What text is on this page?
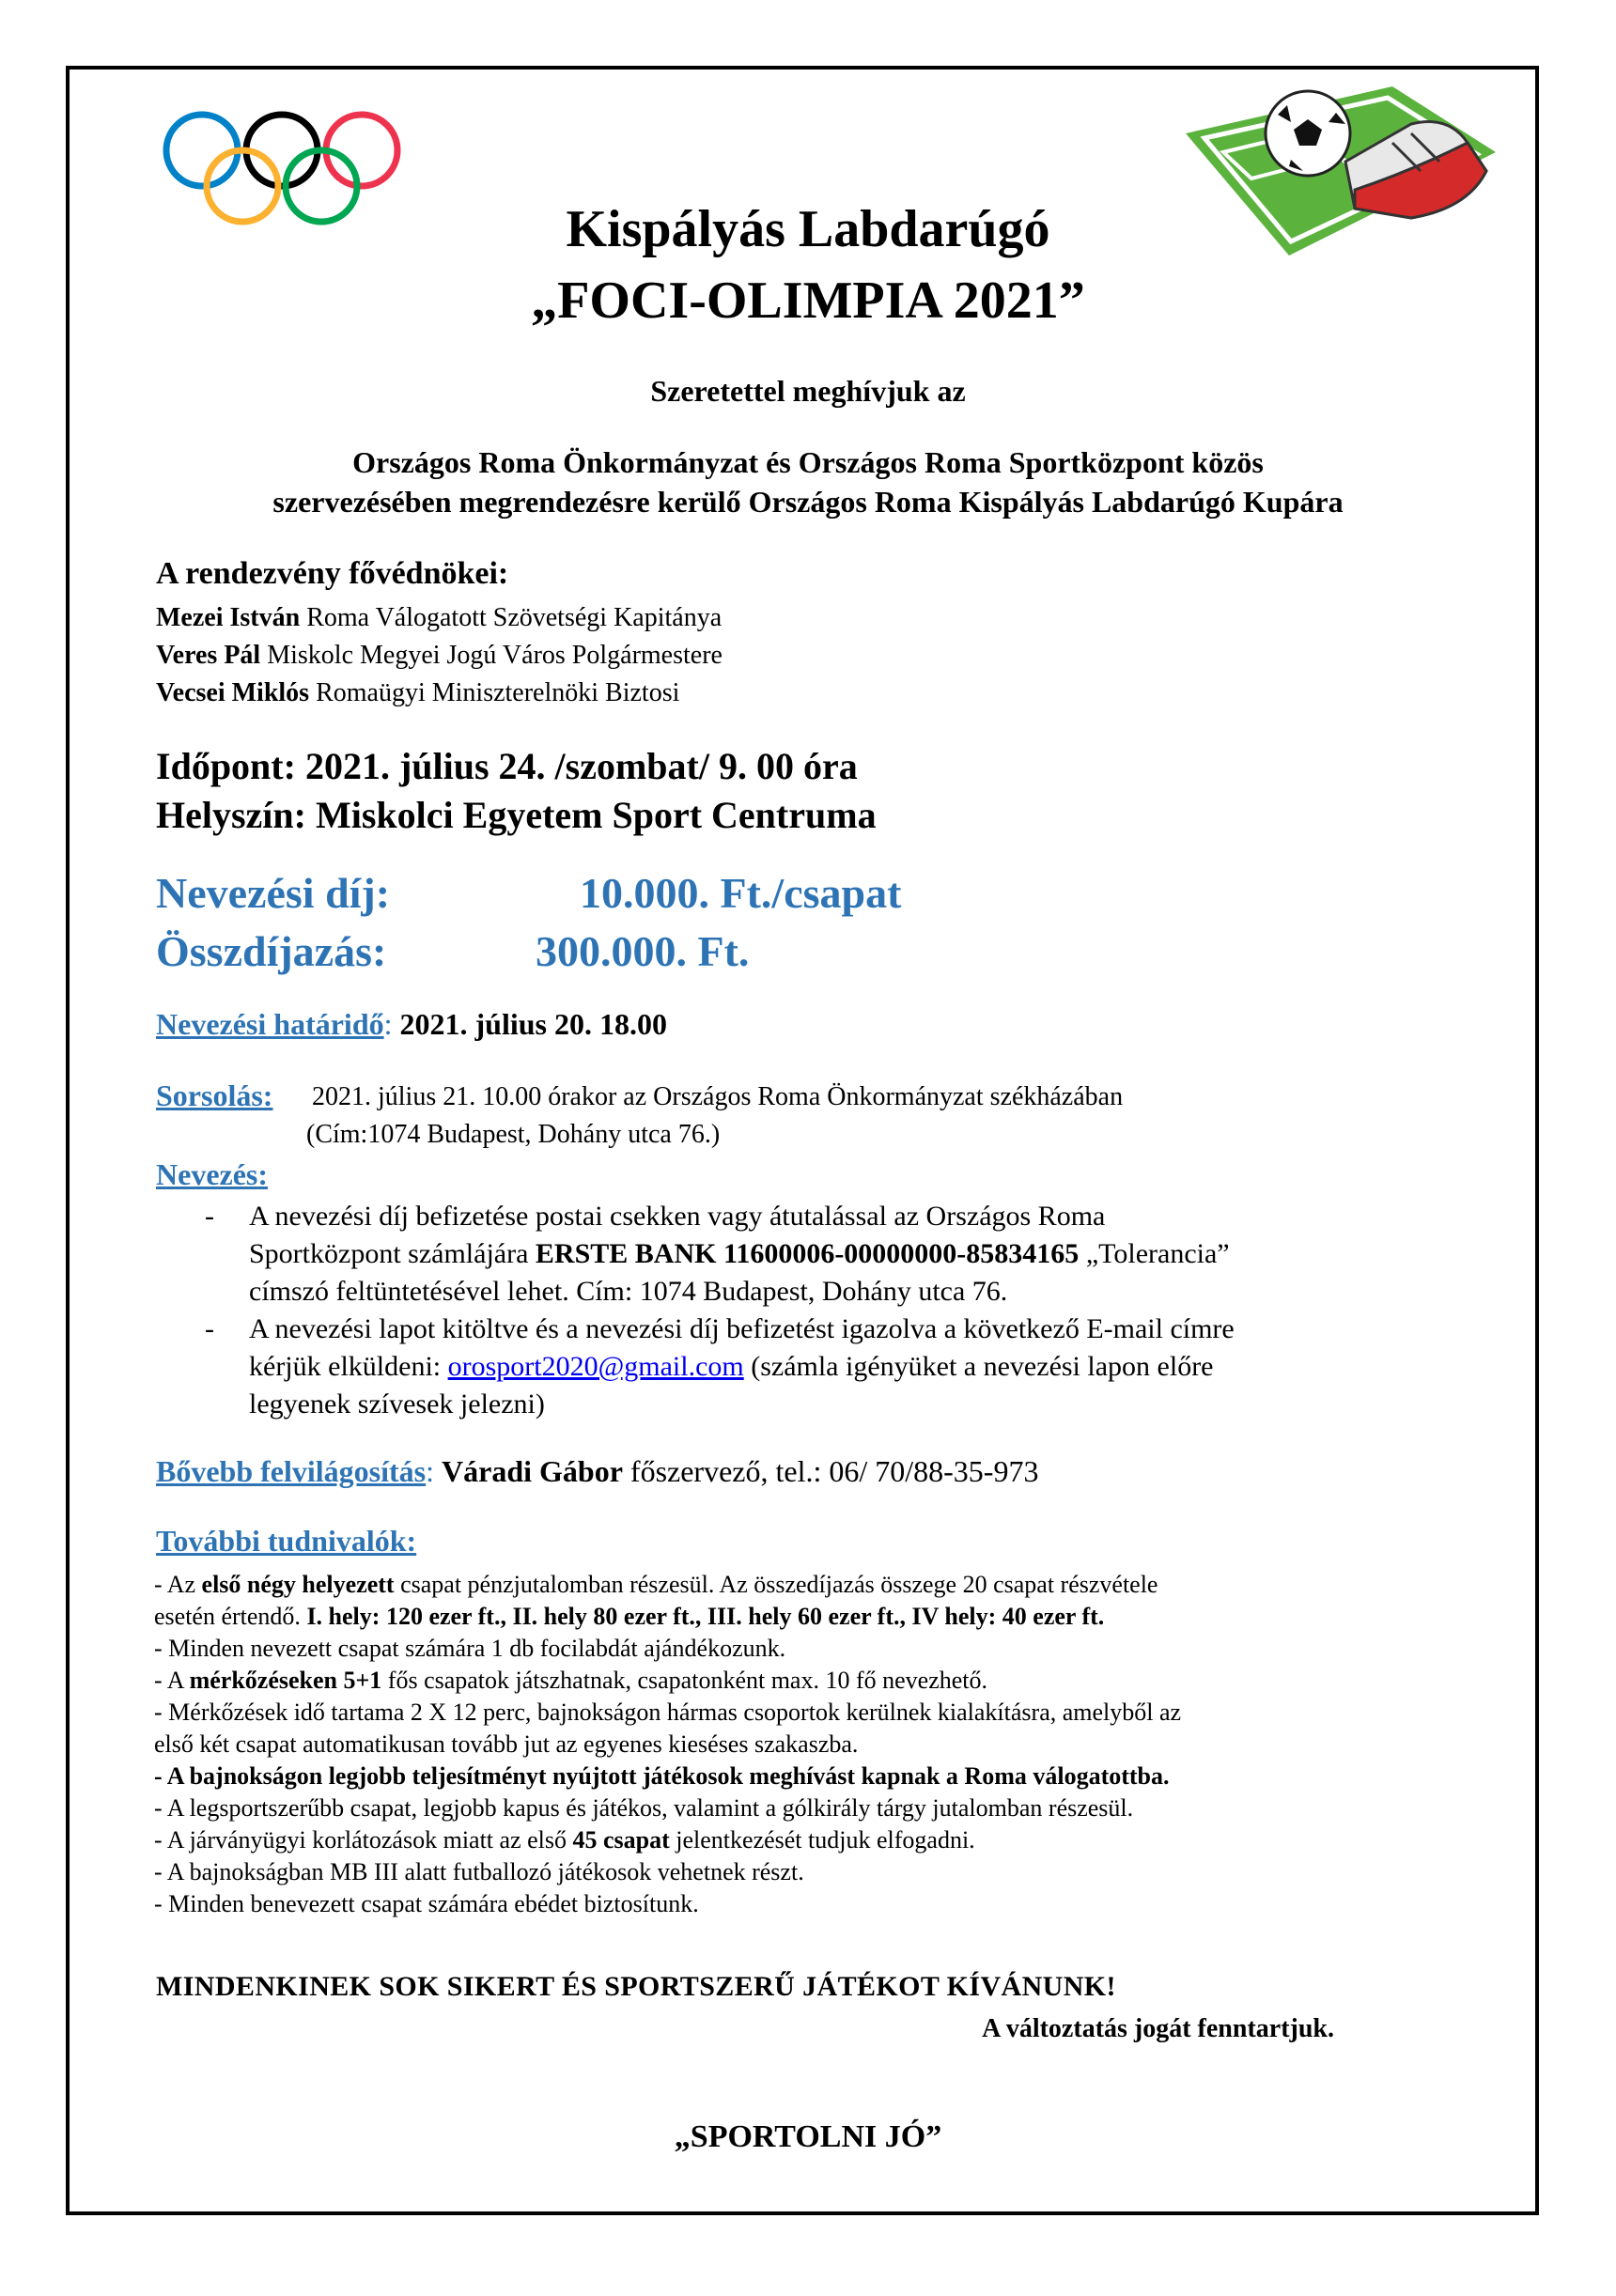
Kispályás Labdarúgó
„FOCI-OLIMPIA 2021”
Szeretettel meghívjuk az
Országos Roma Önkormányzat és Országos Roma Sportközpont közös
szervezésében megrendezésre kerülő Országos Roma Kispályás Labdarúgó Kupára
A rendezvény fővédnökei:
Mezei István Roma Válogatott Szövetségi Kapitánya
Veres Pál Miskolc Megyei Jogú Város Polgármestere
Vecsei Miklós Romaügyi Miniszterelnöki Biztosi
Időpont: 2021. július 24. /szombat/ 9. 00 óra
Helyszín: Miskolci Egyetem Sport Centruma
Nevezési díj:	10.000. Ft./csapat
Összdíjazás:	300.000. Ft.
Nevezési határidő: 2021. július 20. 18.00
Sorsolás: 2021. július 21. 10.00 órakor az Országos Roma Önkormányzat székházában
(Cím:1074 Budapest, Dohány utca 76.)
Nevezés:
- A nevezési díj befizetése postai csekken vagy átutalással az Országos Roma
Sportközpont számlájára ERSTE BANK 11600006-00000000-85834165 „Tolerancia”
címszó feltüntetésével lehet. Cím: 1074 Budapest, Dohány utca 76.
- A nevezési lapot kitöltve és a nevezési díj befizetést igazolva a következő E-mail címre
kérjük elküldeni: orosport2020@gmail.com (számla igényüket a nevezési lapon előre
legyenek szívesek jelezni)
Bővebb felvilágosítás: Váradi Gábor főszervező, tel.: 06/ 70/88-35-973
További tudnivalók:
- Az első négy helyezett csapat pénzjutalomban részesül. Az összedíjazás összege 20 csapat részvétele
esetén értendő. I. hely: 120 ezer ft., II. hely 80 ezer ft., III. hely 60 ezer ft., IV hely: 40 ezer ft.
- Minden nevezett csapat számára 1 db focilabdát ajándékozunk.
- A mérkőzéseken 5+1 fős csapatok játszhatnak, csapatonként max. 10 fő nevezhető.
- Mérkőzések idő tartama 2 X 12 perc, bajnokságon hármas csoportok kerülnek kialakításra, amelyből az
első két csapat automatikusan tovább jut az egyenes kieséses szakaszba.
- A bajnokságon legjobb teljesítményt nyújtott játékosok meghívást kapnak a Roma válogatottba.
- A legsportszerűbb csapat, legjobb kapus és játékos, valamint a gólkirály tárgy jutalomban részesül.
- A járványügyi korlátozások miatt az első 45 csapat jelentkezését tudjuk elfogadni.
- A bajnokságban MB III alatt futballozó játékosok vehetnek részt.
- Minden benevezett csapat számára ebédet biztosítunk.
MINDENKINEK SOK SIKERT ÉS SPORTSZERŰ JÁTÉKOT KÍVÁNUNK!
A változtatás jogát fenntartjuk.
„SPORTOLNI JÓ”
